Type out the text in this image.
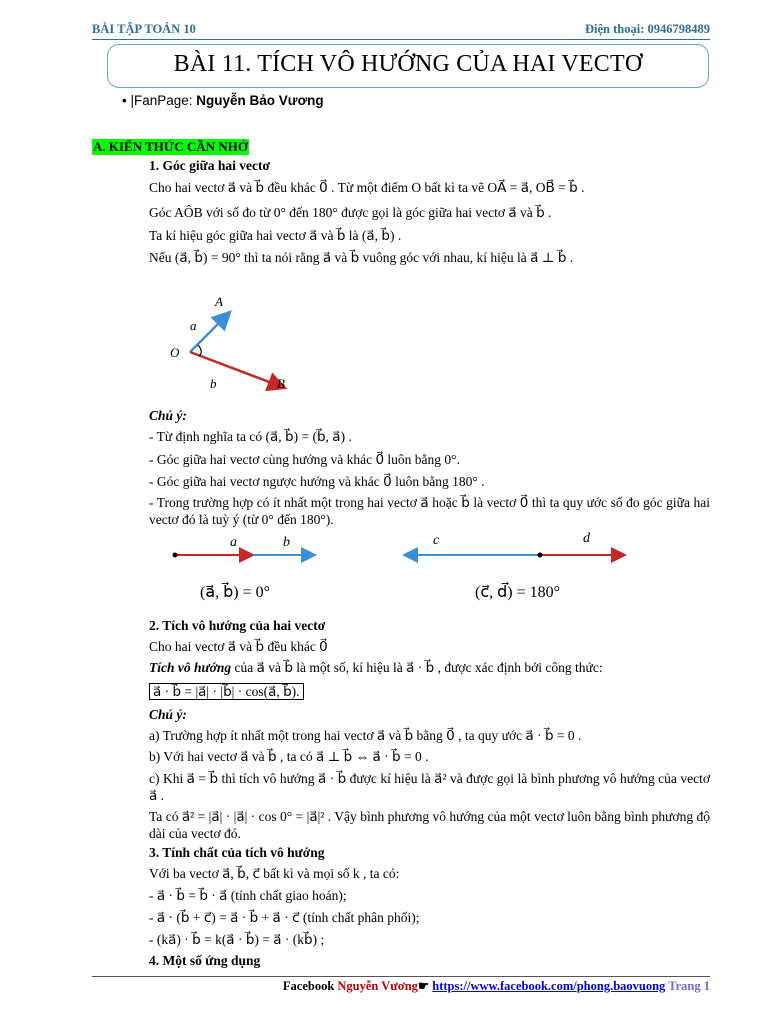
BÀI TẬP TOÁN 10	Điện thoại: 0946798489
BÀI 11. TÍCH VÔ HƯỚNG CỦA HAI VECTƠ
• |FanPage: Nguyễn Bảo Vương
A. KIẾN THỨC CẦN NHỚ
1. Góc giữa hai vectơ
Cho hai vectơ a⃗ và b⃗ đều khác 0⃗ . Từ một điểm O bất kì ta vẽ OA⃗ = a⃗, OB⃗ = b⃗ .
Góc AÔB với số đo từ 0° đến 180° được gọi là góc giữa hai vectơ a⃗ và b⃗ .
Ta kí hiệu góc giữa hai vectơ a⃗ và b⃗ là (a⃗, b⃗) .
Nếu (a⃗, b⃗) = 90° thì ta nói rằng a⃗ và b⃗ vuông góc với nhau, kí hiệu là a⃗ ⊥ b⃗ .
A
B
O
a⃗
b⃗
Chú ý:
- Từ định nghĩa ta có (a⃗, b⃗) = (b⃗, a⃗) .
- Góc giữa hai vectơ cùng hướng và khác 0⃗ luôn bằng 0°.
- Góc giữa hai vectơ ngược hướng và khác 0⃗ luôn bằng 180° .
- Trong trường hợp có ít nhất một trong hai vectơ a⃗ hoặc b⃗ là vectơ 0⃗ thì ta quy ước số đo góc giữa hai vectơ đó là tuỳ ý (từ 0° đến 180°).
a⃗	b⃗	c⃗	d⃗
(a⃗, b⃗) = 0°	(c⃗, d⃗) = 180°
2. Tích vô hướng của hai vectơ
Cho hai vectơ a⃗ và b⃗ đều khác 0⃗
Tích vô hướng của a⃗ và b⃗ là một số, kí hiệu là a⃗ · b⃗ , được xác định bởi công thức:
a⃗ · b⃗ = |a⃗| · |b⃗| · cos(a⃗, b⃗).
Chú ý:
a) Trường hợp ít nhất một trong hai vectơ a⃗ và b⃗ bằng 0⃗ , ta quy ước a⃗ · b⃗ = 0 .
b) Với hai vectơ a⃗ và b⃗ , ta có a⃗ ⊥ b⃗ ⇔ a⃗ · b⃗ = 0 .
c) Khi a⃗ = b⃗ thì tích vô hướng a⃗ · b⃗ được kí hiệu là a⃗² và được gọi là bình phương vô hướng của vectơ a⃗ .
Ta có a⃗² = |a⃗| · |a⃗| · cos 0° = |a⃗|² . Vậy bình phương vô hướng của một vectơ luôn bằng bình phương độ dài của vectơ đó.
3. Tính chất của tích vô hướng
Với ba vectơ a⃗, b⃗, c⃗ bất kì và mọi số k , ta có:
- a⃗ · b⃗ = b⃗ · a⃗ (tính chất giao hoán);
- a⃗ · (b⃗ + c⃗) = a⃗ · b⃗ + a⃗ · c⃗ (tính chất phân phối);
- (ka⃗) · b⃗ = k(a⃗ · b⃗) = a⃗ · (kb⃗) ;
4. Một số ứng dụng
Facebook Nguyễn Vương☛ https://www.facebook.com/phong.baovuong Trang 1
